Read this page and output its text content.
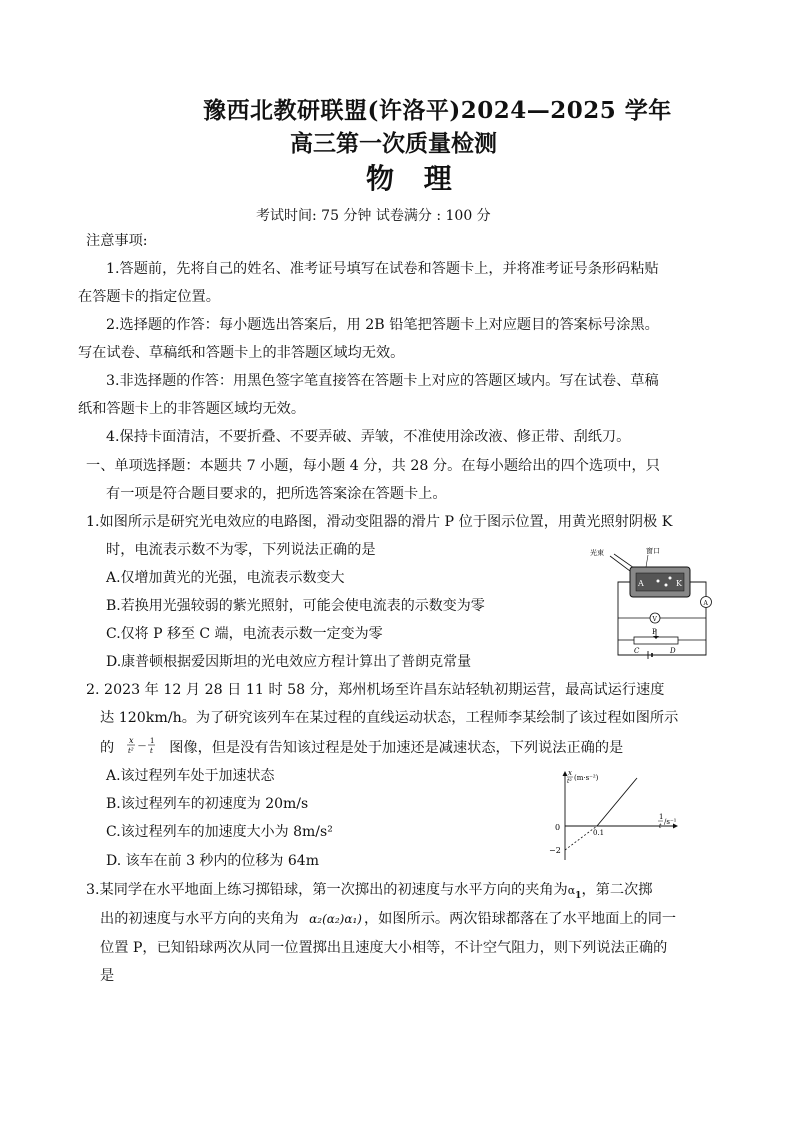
豫西北教研联盟(许洛平)2024—2025 学年
高三第一次质量检测
物 理
考试时间: 75 分钟 试卷满分 : 100 分
注意事项:
1.答题前，先将自己的姓名、准考证号填写在试卷和答题卡上，并将准考证号条形码粘贴
在答题卡的指定位置。
2.选择题的作答：每小题选出答案后，用 2B 铅笔把答题卡上对应题目的答案标号涂黑。
写在试卷、草稿纸和答题卡上的非答题区域均无效。
3.非选择题的作答：用黑色签字笔直接答在答题卡上对应的答题区域内。写在试卷、草稿
纸和答题卡上的非答题区域均无效。
4.保持卡面清洁，不要折叠、不要弄破、弄皱，不准使用涂改液、修正带、刮纸刀。
一、单项选择题：本题共 7 小题，每小题 4 分，共 28 分。在每小题给出的四个选项中，只
有一项是符合题目要求的，把所选答案涂在答题卡上。
1.如图所示是研究光电效应的电路图，滑动变阻器的滑片 P 位于图示位置，用黄光照射阴极 K
时，电流表示数不为零，下列说法正确的是
A.仅增加黄光的光强，电流表示数变大
B.若换用光强较弱的紫光照射，可能会使电流表的示数变为零
C.仅将 P 移至 C 端，电流表示数一定变为零
D.康普顿根据爱因斯坦的光电效应方程计算出了普朗克常量
光束	窗口
A	K
V
A
P
C	D
2. 2023 年 12 月 28 日 11 时 58 分，郑州机场至许昌东站轻轨初期运营，最高试运行速度
达 120km/h。为了研究该列车在某过程的直线运动状态，工程师李某绘制了该过程如图所示
的 x
t²
— 1
t 图像，但是没有告知该过程是处于加速还是减速状态，下列说法正确的是
A.该过程列车处于加速状态
B.该过程列车的初速度为 20m/s
C.该过程列车的加速度大小为 8m/s²
D. 该车在前 3 秒内的位移为 64m
x
t² (m·s⁻²)
1
t
/s⁻¹
0
0.1
−2
3.某同学在水平地面上练习掷铅球，第一次掷出的初速度与水平方向的夹角为$\alpha_1$，第二次掷
出的初速度与水平方向的夹角为 α₂(α₂)α₁) ，如图所示。两次铅球都落在了水平地面上的同一
位置 P，已知铅球两次从同一位置掷出且速度大小相等，不计空气阻力，则下列说法正确的
是
